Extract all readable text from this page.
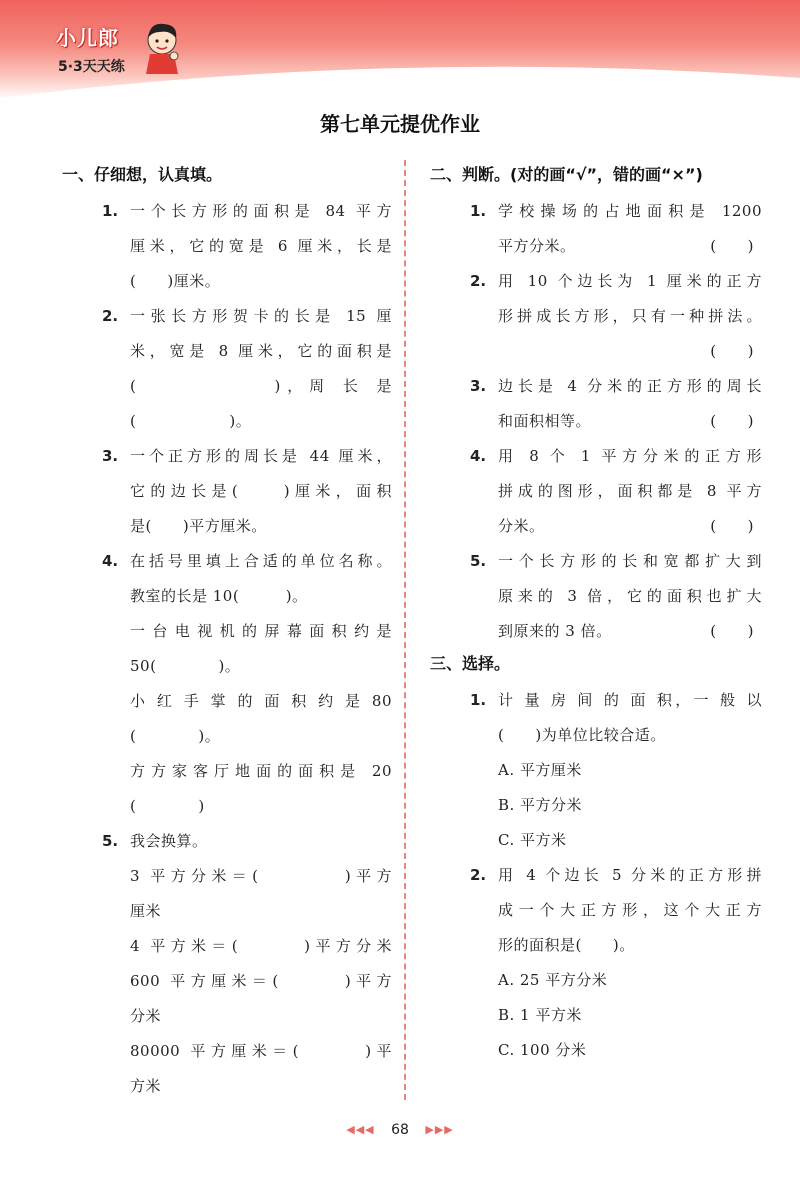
小儿郎
5·3天天练
第七单元提优作业
一、仔细想，认真填。
1. 一个长方形的面积是 84 平方
厘米，它的宽是 6 厘米，长是
(　　)厘米。
2. 一张长方形贺卡的长是 15 厘
米，宽是 8 厘米，它的面积是
(　　　　　　)，周 长 是
(　　　　　　)。
3. 一个正方形的周长是 44 厘米，
它的边长是(　　)厘米，面积
是(　　)平方厘米。
4. 在括号里填上合适的单位名称。
教室的长是 10(　　　)。
一台电视机的屏幕面积约是
50(　　　　)。
小 红 手 掌 的 面 积 约 是 80
(　　　　)。
方方家客厅地面的面积是 20
(　　　　)
5. 我会换算。
3 平方分米＝(　　　　)平方
厘米
4 平方米＝(　　　)平方分米
600 平方厘米＝(　　　)平方
分米
80000 平方厘米＝(　　　)平
方米
二、判断。(对的画“√”，错的画“×”)
1. 学校操场的占地面积是 1200
平方分米。	(　　)
2. 用 10 个边长为 1 厘米的正方
形拼成长方形，只有一种拼法。
(　　)
3. 边长是 4 分米的正方形的周长
和面积相等。	(　　)
4. 用 8 个 1 平方分米的正方形
拼成的图形，面积都是 8 平方
分米。	(　　)
5. 一个长方形的长和宽都扩大到
原来的 3 倍，它的面积也扩大
到原来的 3 倍。	(　　)
三、选择。
1. 计 量 房 间 的 面 积，一 般 以
(　　)为单位比较合适。
A. 平方厘米
B. 平方分米
C. 平方米
2. 用 4 个边长 5 分米的正方形拼
成一个大正方形，这个大正方
形的面积是(　　)。
A. 25 平方分米
B. 1 平方米
C. 100 分米
◀◀◀ 68 ▶▶▶
